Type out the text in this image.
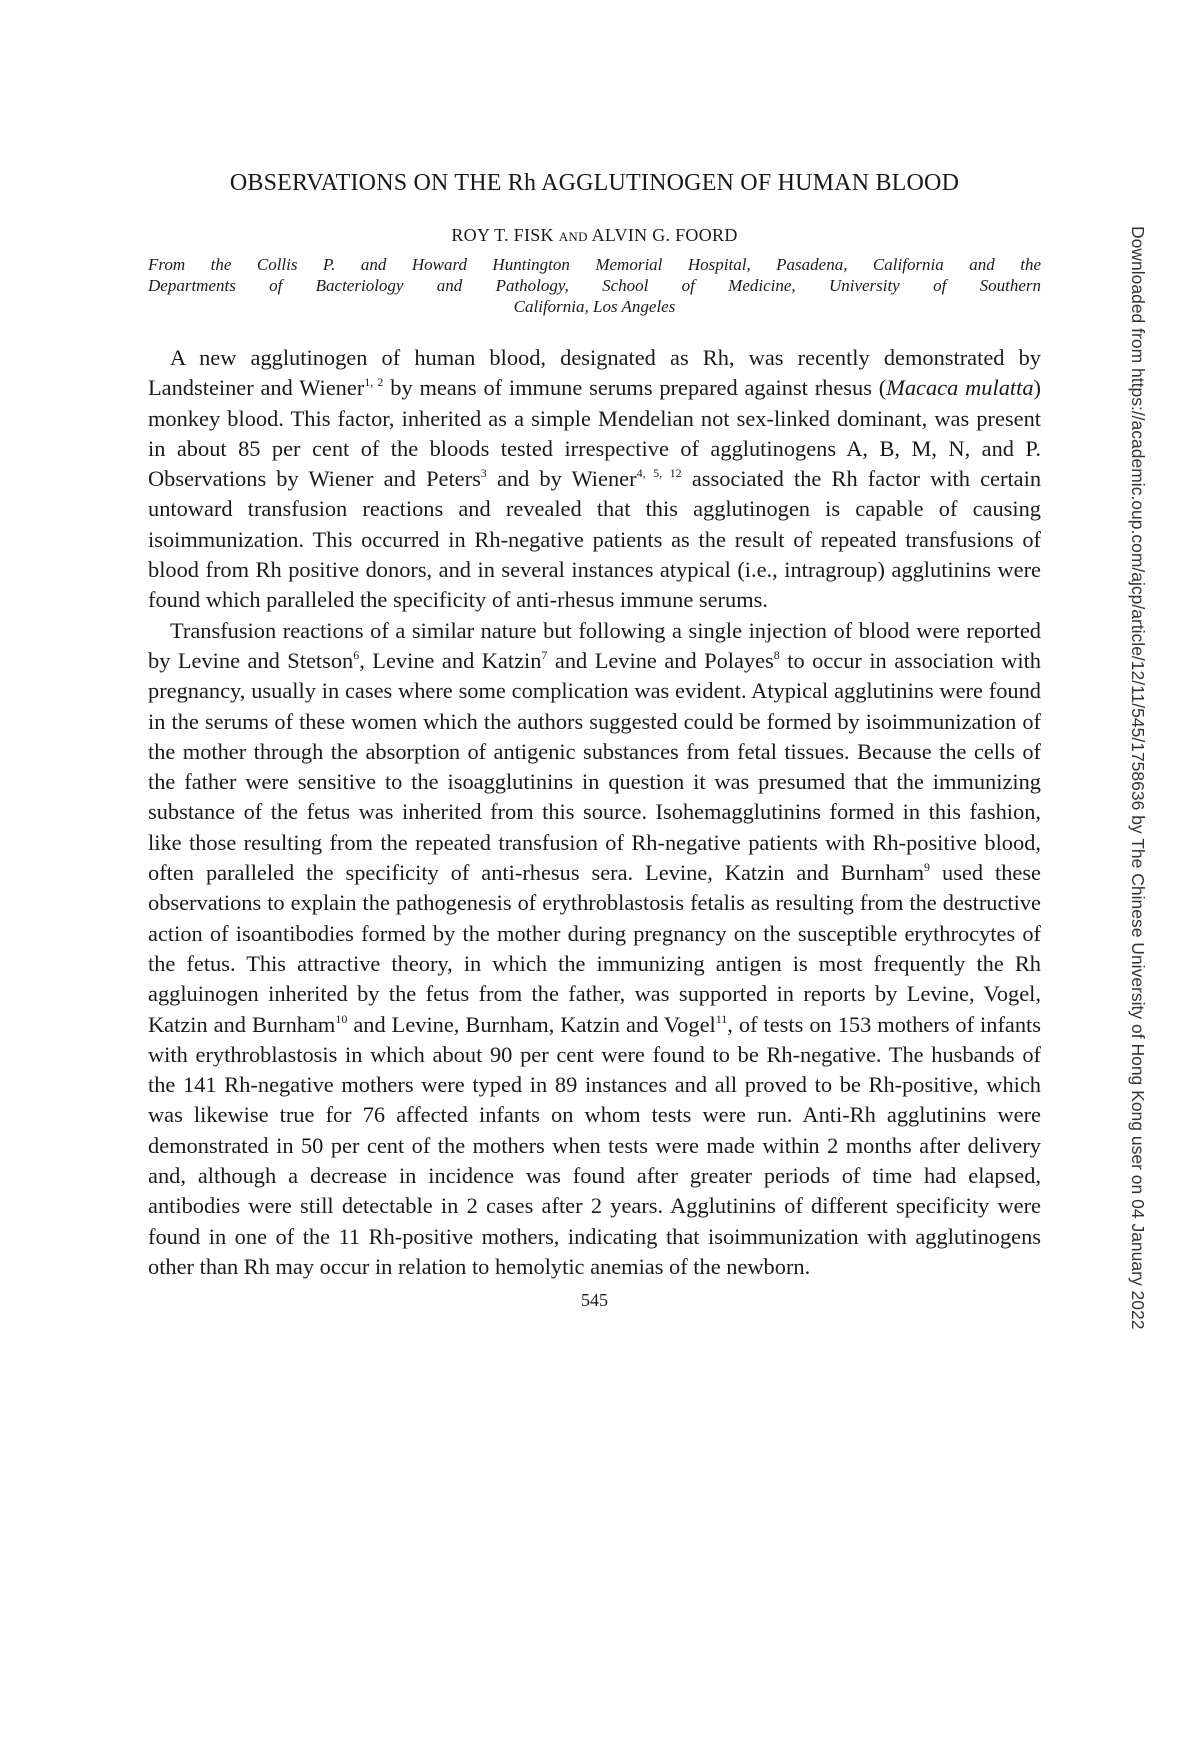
OBSERVATIONS ON THE Rh AGGLUTINOGEN OF HUMAN BLOOD

ROY T. FISK and ALVIN G. FOORD

From the Collis P. and Howard Huntington Memorial Hospital, Pasadena, California and the
Departments of Bacteriology and Pathology, School of Medicine, University of Southern
California, Los Angeles

A new agglutinogen of human blood, designated as Rh, was recently demonstrated by Landsteiner and Wiener$^{1, 2}$ by means of immune serums prepared against rhesus (Macaca mulatta) monkey blood. This factor, inherited as a simple Mendelian not sex-linked dominant, was present in about 85 per cent of the bloods tested irrespective of agglutinogens A, B, M, N, and P. Observations by Wiener and Peters$^3$ and by Wiener$^{4, 5, 12}$ associated the Rh factor with certain untoward transfusion reactions and revealed that this agglutinogen is capable of causing isoimmunization. This occurred in Rh-negative patients as the result of repeated transfusions of blood from Rh positive donors, and in several instances atypical (i.e., intragroup) agglutinins were found which paralleled the specificity of anti-rhesus immune serums.

Transfusion reactions of a similar nature but following a single injection of blood were reported by Levine and Stetson$^6$, Levine and Katzin$^7$ and Levine and Polayes$^8$ to occur in association with pregnancy, usually in cases where some complication was evident. Atypical agglutinins were found in the serums of these women which the authors suggested could be formed by isoimmunization of the mother through the absorption of antigenic substances from fetal tissues. Because the cells of the father were sensitive to the isoagglutinins in question it was presumed that the immunizing substance of the fetus was inherited from this source. Isohemagglutinins formed in this fashion, like those resulting from the repeated transfusion of Rh-negative patients with Rh-positive blood, often paralleled the specificity of anti-rhesus sera. Levine, Katzin and Burnham$^9$ used these observations to explain the pathogenesis of erythroblastosis fetalis as resulting from the destructive action of isoantibodies formed by the mother during pregnancy on the susceptible erythrocytes of the fetus. This attractive theory, in which the immunizing antigen is most frequently the Rh aggluinogen inherited by the fetus from the father, was supported in reports by Levine, Vogel, Katzin and Burnham$^{10}$ and Levine, Burnham, Katzin and Vogel$^{11}$, of tests on 153 mothers of infants with erythroblastosis in which about 90 per cent were found to be Rh-negative. The husbands of the 141 Rh-negative mothers were typed in 89 instances and all proved to be Rh-positive, which was likewise true for 76 affected infants on whom tests were run. Anti-Rh agglutinins were demonstrated in 50 per cent of the mothers when tests were made within 2 months after delivery and, although a decrease in incidence was found after greater periods of time had elapsed, antibodies were still detectable in 2 cases after 2 years. Agglutinins of different specificity were found in one of the 11 Rh-positive mothers, indicating that isoimmunization with agglutinogens other than Rh may occur in relation to hemolytic anemias of the newborn.

545	Downloaded from https://academic.oup.com/ajcp/article/12/11/545/1758636 by The Chinese University of Hong Kong user on 04 January 2022
